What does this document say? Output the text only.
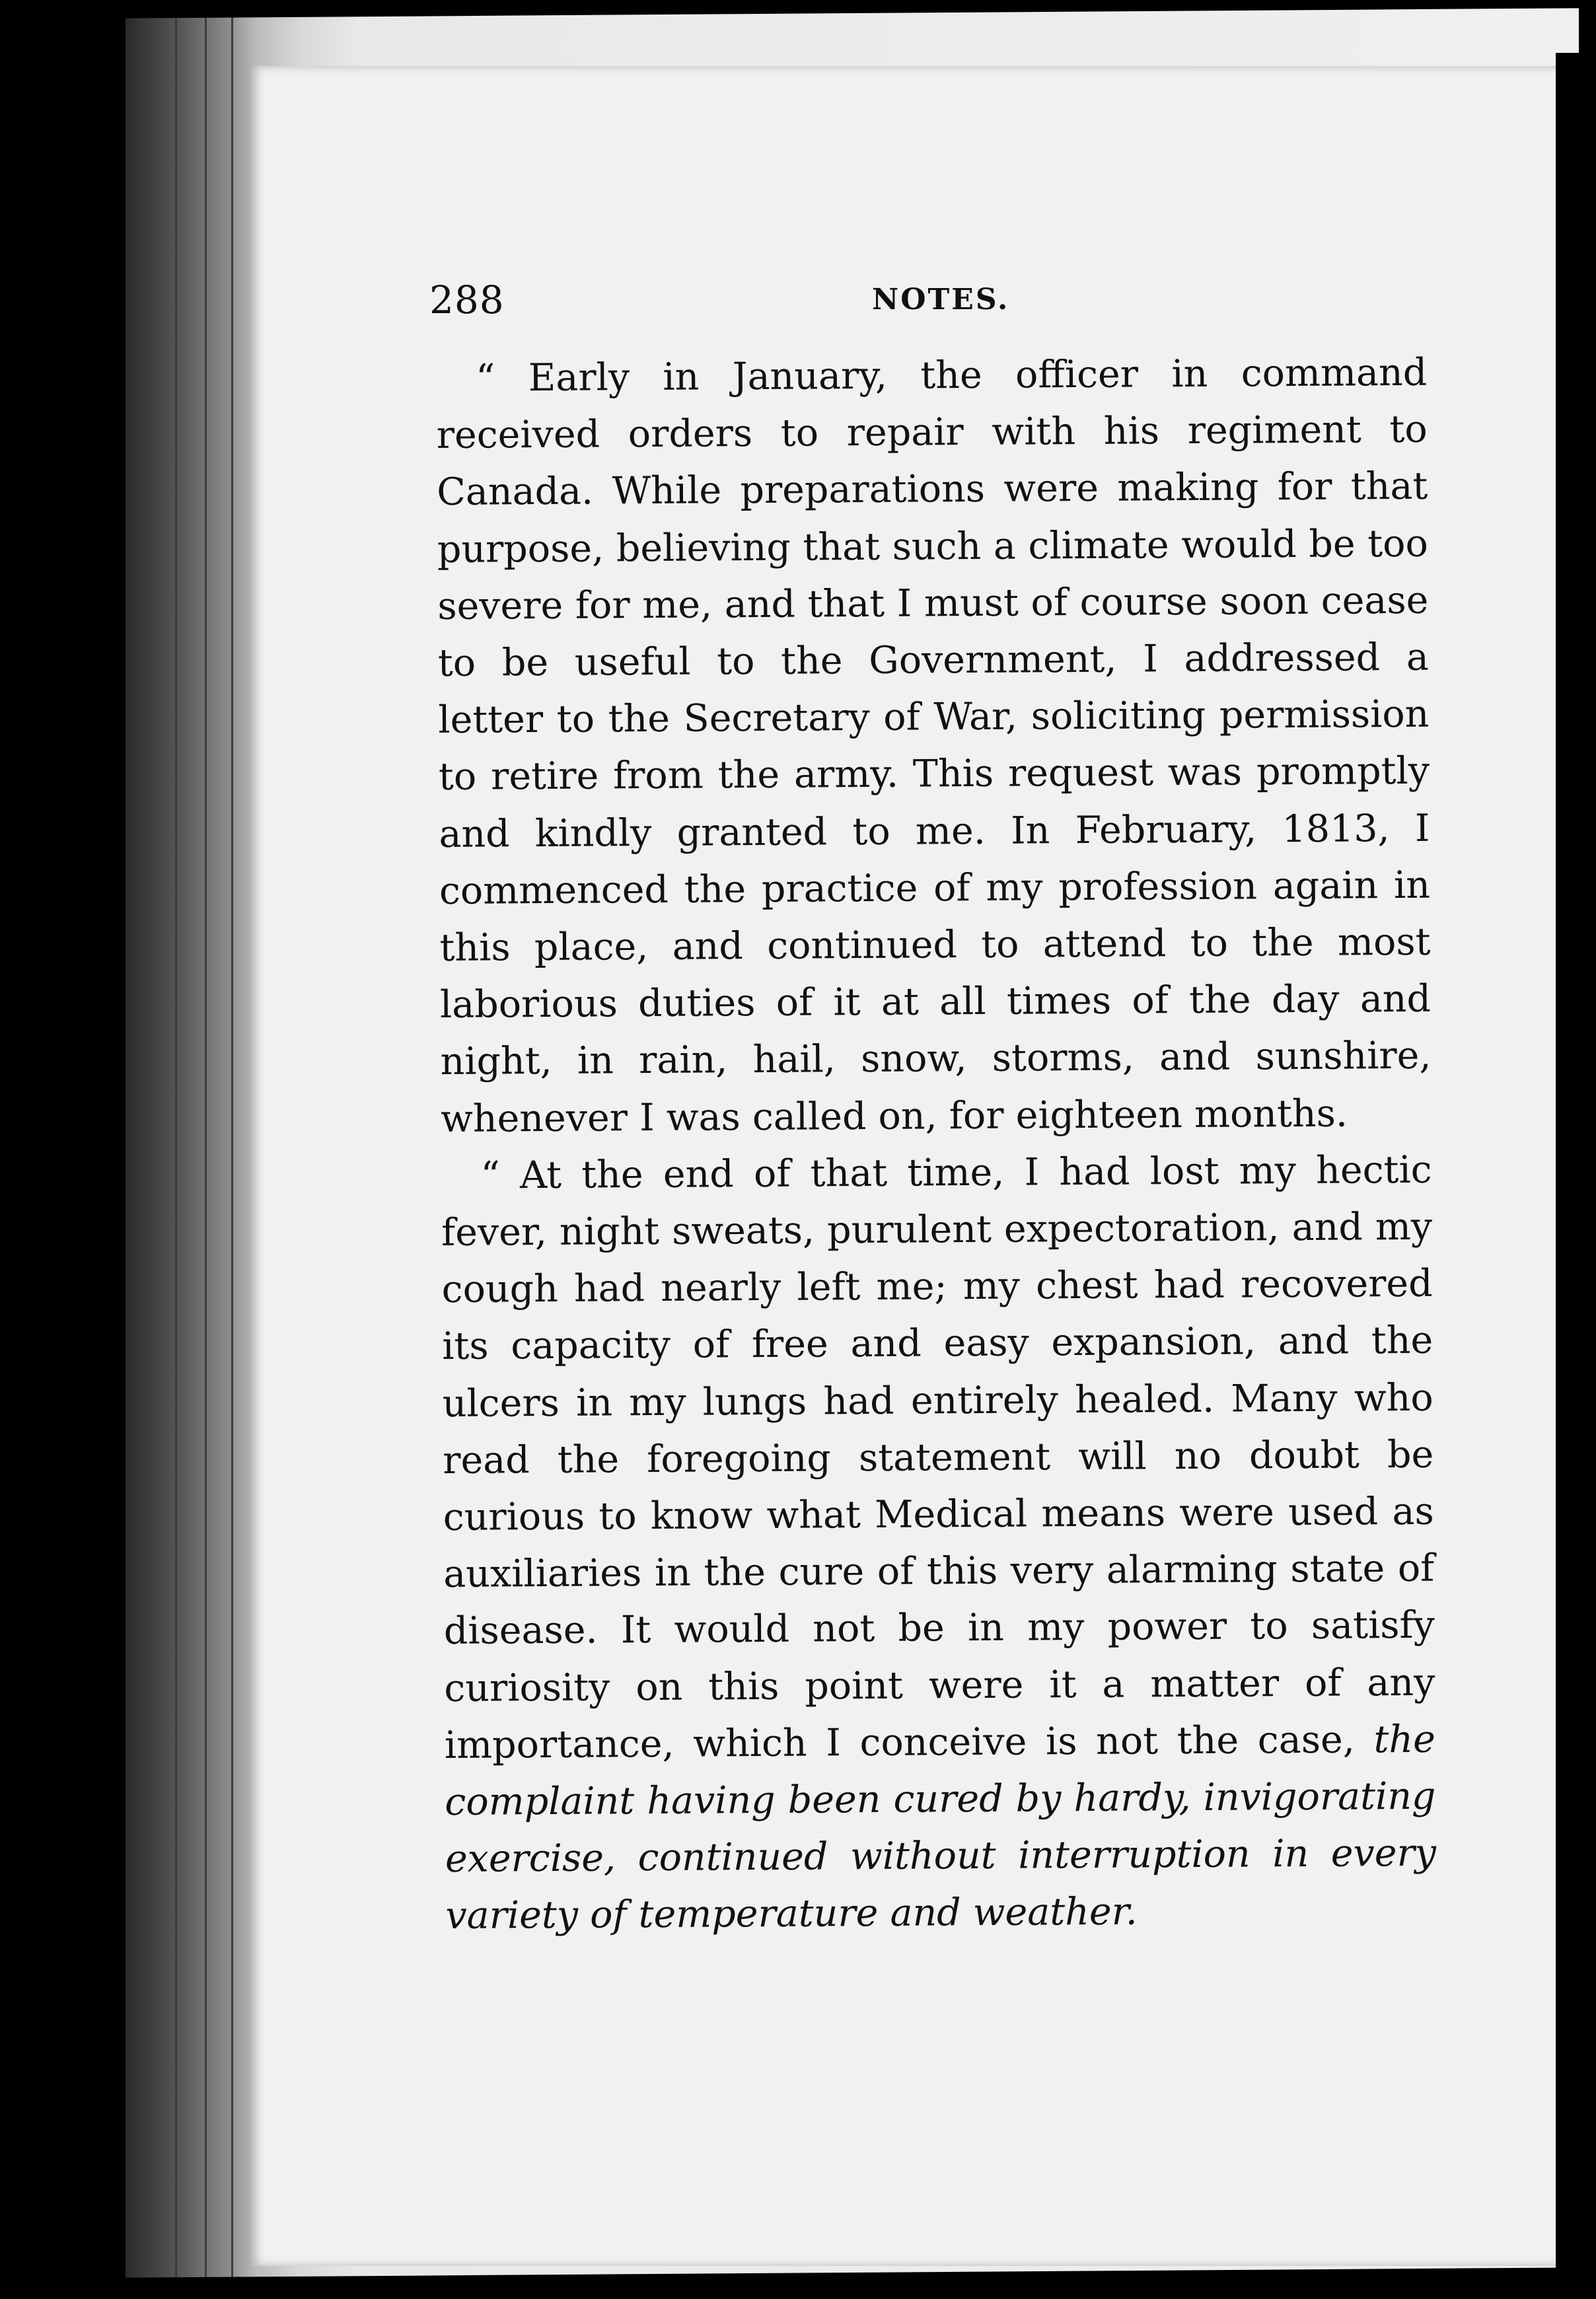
288	NOTES.

“ Early in January, the officer in command received orders to repair with his regiment to Canada. While preparations were making for that purpose, believing that such a climate would be too severe for me, and that I must of course soon cease to be useful to the Government, I addressed a letter to the Secretary of War, soliciting permission to retire from the army. This request was promptly and kindly granted to me. In February, 1813, I commenced the practice of my profession again in this place, and continued to attend to the most laborious duties of it at all times of the day and night, in rain, hail, snow, storms, and sunshire, whenever I was called on, for eighteen months.

“ At the end of that time, I had lost my hectic fever, night sweats, purulent expectoration, and my cough had nearly left me; my chest had recovered its capacity of free and easy expansion, and the ulcers in my lungs had entirely healed. Many who read the foregoing statement will no doubt be curious to know what Medical means were used as auxiliaries in the cure of this very alarming state of disease. It would not be in my power to satisfy curiosity on this point were it a matter of any importance, which I conceive is not the case, the complaint having been cured by hardy, invigorating exercise, continued without interruption in every variety of temperature and weather.
